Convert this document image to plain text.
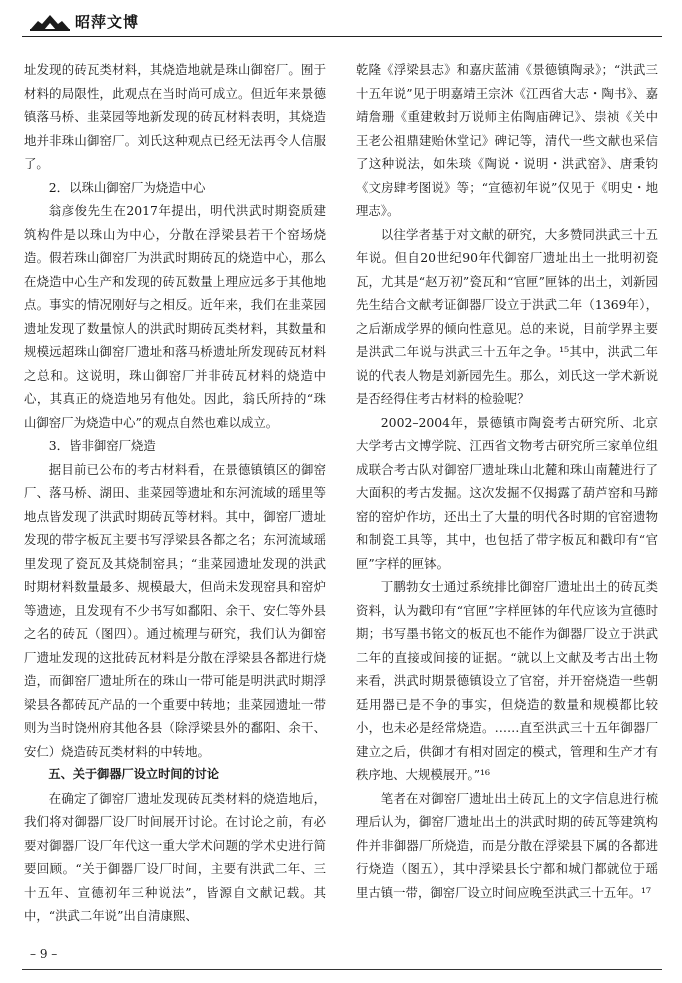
昭萍文博

址发现的砖瓦类材料，其烧造地就是珠山御窑厂。囿于材料的局限性，此观点在当时尚可成立。但近年来景德镇落马桥、韭菜园等地新发现的砖瓦材料表明，其烧造地并非珠山御窑厂。刘氏这种观点已经无法再令人信服了。

2．以珠山御窑厂为烧造中心

翁彦俊先生在2017年提出，明代洪武时期瓷质建筑构件是以珠山为中心，分散在浮梁县若干个窑场烧造。假若珠山御窑厂为洪武时期砖瓦的烧造中心，那么在烧造中心生产和发现的砖瓦数量上理应远多于其他地点。事实的情况刚好与之相反。近年来，我们在韭菜园遗址发现了数量惊人的洪武时期砖瓦类材料，其数量和规模远超珠山御窑厂遗址和落马桥遗址所发现砖瓦材料之总和。这说明，珠山御窑厂并非砖瓦材料的烧造中心，其真正的烧造地另有他处。因此，翁氏所持的“珠山御窑厂为烧造中心”的观点自然也难以成立。

3．皆非御窑厂烧造

据目前已公布的考古材料看，在景德镇镇区的御窑厂、落马桥、湖田、韭菜园等遗址和东河流域的瑶里等地点皆发现了洪武时期砖瓦等材料。其中，御窑厂遗址发现的带字板瓦主要书写浮梁县各都之名；东河流域瑶里发现了瓷瓦及其烧制窑具；“韭菜园遗址发现的洪武时期材料数量最多、规模最大，但尚未发现窑具和窑炉等遗迹，且发现有不少书写如鄱阳、余干、安仁等外县之名的砖瓦（图四）。通过梳理与研究，我们认为御窑厂遗址发现的这批砖瓦材料是分散在浮梁县各都进行烧造，而御窑厂遗址所在的珠山一带可能是明洪武时期浮梁县各都砖瓦产品的一个重要中转地；韭菜园遗址一带则为当时饶州府其他各县（除浮梁县外的鄱阳、余干、安仁）烧造砖瓦类材料的中转地。

五、关于御器厂设立时间的讨论

在确定了御窑厂遗址发现砖瓦类材料的烧造地后，我们将对御器厂设厂时间展开讨论。在讨论之前，有必要对御器厂设厂年代这一重大学术问题的学术史进行简要回顾。“关于御器厂设厂时间，主要有洪武二年、三十五年、宣德初年三种说法”，皆源自文献记载。其中，“洪武二年说”出自清康熙、

乾隆《浮梁县志》和嘉庆蓝浦《景德镇陶录》；“洪武三十五年说”见于明嘉靖王宗沐《江西省大志・陶书》、嘉靖詹珊《重建敕封万说师主佑陶庙碑记》、崇祯《关中王老公祖鼎建贻休堂记》碑记等，清代一些文献也采信了这种说法，如朱琰《陶说・说明・洪武窑》、唐秉钧《文房肆考图说》等；“宣德初年说”仅见于《明史・地理志》。

以往学者基于对文献的研究，大多赞同洪武三十五年说。但自20世纪90年代御窑厂遗址出土一批明初瓷瓦，尤其是“赵万初”瓷瓦和“官匣”匣钵的出土，刘新园先生结合文献考证御器厂设立于洪武二年（1369年），之后渐成学界的倾向性意见。总的来说，目前学界主要是洪武二年说与洪武三十五年之争。¹⁵其中，洪武二年说的代表人物是刘新园先生。那么，刘氏这一学术新说是否经得住考古材料的检验呢？

2002–2004年，景德镇市陶瓷考古研究所、北京大学考古文博学院、江西省文物考古研究所三家单位组成联合考古队对御窑厂遗址珠山北麓和珠山南麓进行了大面积的考古发掘。这次发掘不仅揭露了葫芦窑和马蹄窑的窑炉作坊，还出土了大量的明代各时期的官窑遗物和制瓷工具等，其中，也包括了带字板瓦和戳印有“官匣”字样的匣钵。

丁鹏勃女士通过系统排比御窑厂遗址出土的砖瓦类资料，认为戳印有“官匣”字样匣钵的年代应该为宣德时期；书写墨书铭文的板瓦也不能作为御器厂设立于洪武二年的直接或间接的证据。“就以上文献及考古出土物来看，洪武时期景德镇设立了官窑，并开窑烧造一些朝廷用器已是不争的事实，但烧造的数量和规模都比较小，也未必是经常烧造。……直至洪武三十五年御器厂建立之后，供御才有相对固定的模式，管理和生产才有秩序地、大规模展开。”¹⁶

笔者在对御窑厂遗址出土砖瓦上的文字信息进行梳理后认为，御窑厂遗址出土的洪武时期的砖瓦等建筑构件并非御器厂所烧造，而是分散在浮梁县下属的各都进行烧造（图五），其中浮梁县长宁都和城门都就位于瑶里古镇一带，御窑厂设立时间应晚至洪武三十五年。¹⁷

– 9 –
